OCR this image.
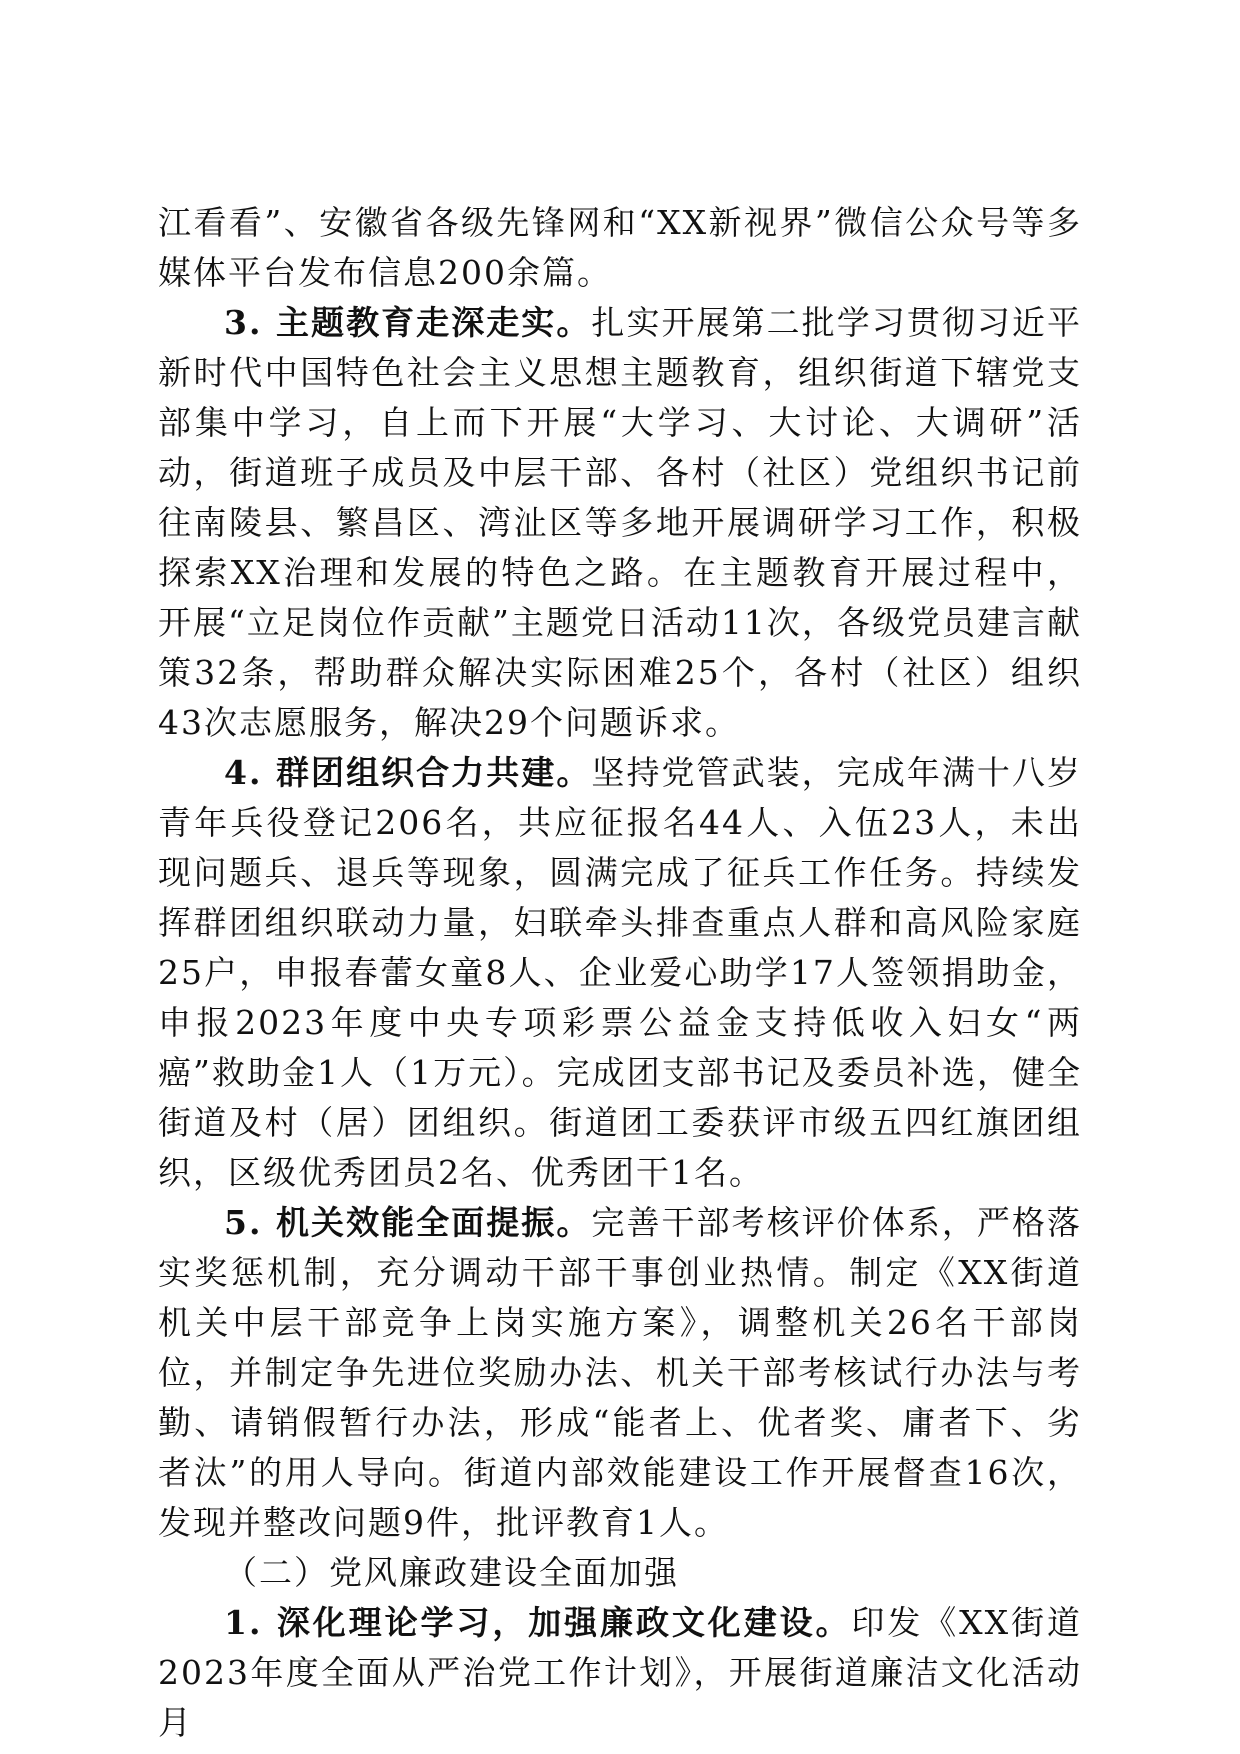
江看看”、安徽省各级先锋网和“XX新视界”微信公众号等多媒体平台发布信息200余篇。

3. 主题教育走深走实。扎实开展第二批学习贯彻习近平新时代中国特色社会主义思想主题教育，组织街道下辖党支部集中学习，自上而下开展“大学习、大讨论、大调研”活动，街道班子成员及中层干部、各村（社区）党组织书记前往南陵县、繁昌区、湾沚区等多地开展调研学习工作，积极探索XX治理和发展的特色之路。在主题教育开展过程中，开展“立足岗位作贡献”主题党日活动11次，各级党员建言献策32条，帮助群众解决实际困难25个，各村（社区）组织43次志愿服务，解决29个问题诉求。

4. 群团组织合力共建。坚持党管武装，完成年满十八岁青年兵役登记206名，共应征报名44人、入伍23人，未出现问题兵、退兵等现象，圆满完成了征兵工作任务。持续发挥群团组织联动力量，妇联牵头排查重点人群和高风险家庭25户，申报春蕾女童8人、企业爱心助学17人签领捐助金，申报2023年度中央专项彩票公益金支持低收入妇女“两癌”救助金1人（1万元）。完成团支部书记及委员补选，健全街道及村（居）团组织。街道团工委获评市级五四红旗团组织，区级优秀团员2名、优秀团干1名。

5. 机关效能全面提振。完善干部考核评价体系，严格落实奖惩机制，充分调动干部干事创业热情。制定《XX街道机关中层干部竞争上岗实施方案》，调整机关26名干部岗位，并制定争先进位奖励办法、机关干部考核试行办法与考勤、请销假暂行办法，形成“能者上、优者奖、庸者下、劣者汰”的用人导向。街道内部效能建设工作开展督查16次，发现并整改问题9件，批评教育1人。

（二）党风廉政建设全面加强

1. 深化理论学习，加强廉政文化建设。印发《XX街道2023年度全面从严治党工作计划》，开展街道廉洁文化活动月
